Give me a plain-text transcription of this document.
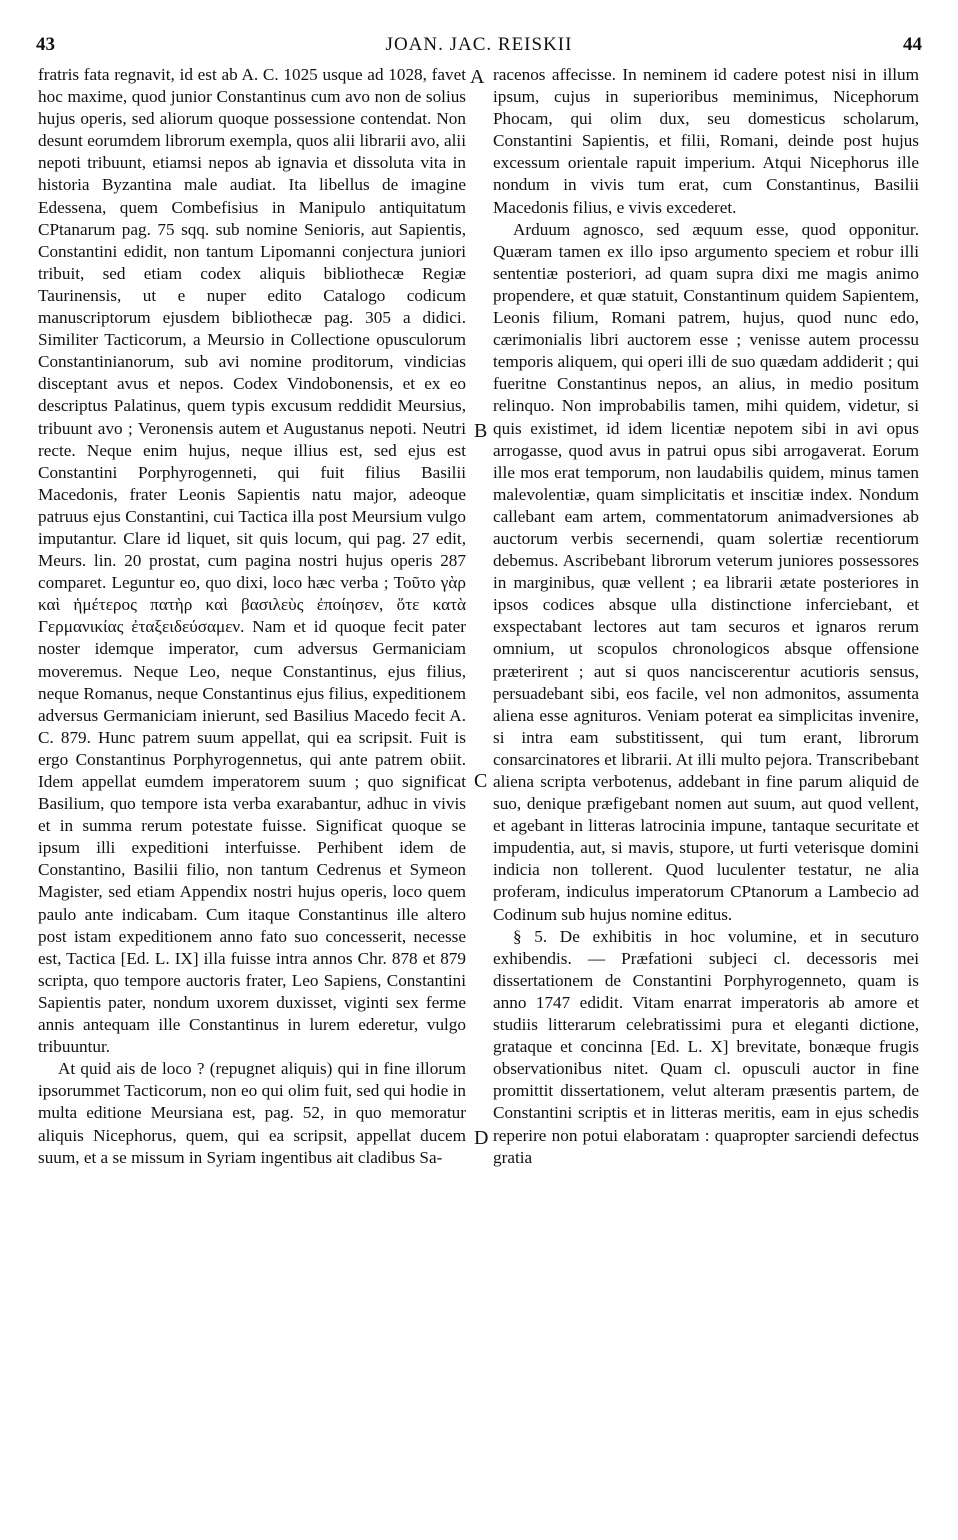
43	JOAN. JAC. REISKII	44

fratris fata regnavit, id est ab A. C. 1025 usque ad 1028, favet hoc maxime, quod junior Constantinus cum avo non de solius hujus operis, sed aliorum quoque possessione contendat. Non desunt eorumdem librorum exempla, quos alii librarii avo, alii nepoti tribuunt, etiamsi nepos ab ignavia et dissoluta vita in historia Byzantina male audiat. Ita libellus de imagine Edessena, quem Combefisius in Manipulo antiquitatum CPtanarum pag. 75 sqq. sub nomine Senioris, aut Sapientis, Constantini edidit, non tantum Lipomanni conjectura juniori tribuit, sed etiam codex aliquis bibliothecæ Regiæ Taurinensis, ut e nuper edito Catalogo codicum manuscriptorum ejusdem bibliothecæ pag. 305 a didici. Similiter Tacticorum, a Meursio in Collectione opusculorum Constantinianorum, sub avi nomine proditorum, vindicias disceptant avus et nepos. Codex Vindobonensis, et ex eo descriptus Palatinus, quem typis excusum reddidit Meursius, tribuunt avo ; Veronensis autem et Augustanus nepoti. Neutri recte. Neque enim hujus, neque illius est, sed ejus est Constantini Porphyrogenneti, qui fuit filius Basilii Macedonis, frater Leonis Sapientis natu major, adeoque patruus ejus Constantini, cui Tactica illa post Meursium vulgo imputantur. Clare id liquet, sit quis locum, qui pag. 27 edit, Meurs. lin. 20 prostat, cum pagina nostri hujus operis 287 comparet. Leguntur eo, quo dixi, loco hæc verba ; Τοῦτο γὰρ καὶ ἡμέτερος πατὴρ καὶ βασιλεὺς ἐποίησεν, ὅτε κατὰ Γερμανικίας ἐταξειδεύσαμεν. Nam et id quoque fecit pater noster idemque imperator, cum adversus Germaniciam moveremus. Neque Leo, neque Constantinus, ejus filius, neque Romanus, neque Constantinus ejus filius, expeditionem adversus Germaniciam inierunt, sed Basilius Macedo fecit A. C. 879. Hunc patrem suum appellat, qui ea scripsit. Fuit is ergo Constantinus Porphyrogennetus, qui ante patrem obiit. Idem appellat eumdem imperatorem suum ; quo significat Basilium, quo tempore ista verba exarabantur, adhuc in vivis et in summa rerum potestate fuisse. Significat quoque se ipsum illi expeditioni interfuisse. Perhibent idem de Constantino, Basilii filio, non tantum Cedrenus et Symeon Magister, sed etiam Appendix nostri hujus operis, loco quem paulo ante indicabam. Cum itaque Constantinus ille altero post istam expeditionem anno fato suo concesserit, necesse est, Tactica [Ed. L. IX] illa fuisse intra annos Chr. 878 et 879 scripta, quo tempore auctoris frater, Leo Sapiens, Constantini Sapientis pater, nondum uxorem duxisset, viginti sex ferme annis antequam ille Constantinus in lurem ederetur, vulgo tribuuntur.

At quid ais de loco ? (repugnet aliquis) qui in fine illorum ipsorummet Tacticorum, non eo qui olim fuit, sed qui hodie in multa editione Meursiana est, pag. 52, in quo memoratur aliquis Nicephorus, quem, qui ea scripsit, appellat ducem suum, et a se missum in Syriam ingentibus ait cladibus Sa-

racenos affecisse. In neminem id cadere potest nisi in illum ipsum, cujus in superioribus meminimus, Nicephorum Phocam, qui olim dux, seu domesticus scholarum, Constantini Sapientis, et filii, Romani, deinde post hujus excessum orientale rapuit imperium. Atqui Nicephorus ille nondum in vivis tum erat, cum Constantinus, Basilii Macedonis filius, e vivis excederet.

Arduum agnosco, sed æquum esse, quod opponitur. Quæram tamen ex illo ipso argumento speciem et robur illi sententiæ posteriori, ad quam supra dixi me magis animo propendere, et quæ statuit, Constantinum quidem Sapientem, Leonis filium, Romani patrem, hujus, quod nunc edo, cærimonialis libri auctorem esse ; venisse autem processu temporis aliquem, qui operi illi de suo quædam addiderit ; qui fueritne Constantinus nepos, an alius, in medio positum relinquo. Non improbabilis tamen, mihi quidem, videtur, si quis existimet, id idem licentiæ nepotem sibi in avi opus arrogasse, quod avus in patrui opus sibi arrogaverat. Eorum ille mos erat temporum, non laudabilis quidem, minus tamen malevolentiæ, quam simplicitatis et inscitiæ index. Nondum callebant eam artem, commentatorum animadversiones ab auctorum verbis secernendi, quam solertiæ recentiorum debemus. Ascribebant librorum veterum juniores possessores in marginibus, quæ vellent ; ea librarii ætate posteriores in ipsos codices absque ulla distinctione inferciebant, et exspectabant lectores aut tam securos et ignaros rerum omnium, ut scopulos chronologicos absque offensione præterirent ; aut si quos nanciscerentur acutioris sensus, persuadebant sibi, eos facile, vel non admonitos, assumenta aliena esse agnituros. Veniam poterat ea simplicitas invenire, si intra eam substitissent, qui tum erant, librorum consarcinatores et librarii. At illi multo pejora. Transcribebant aliena scripta verbotenus, addebant in fine parum aliquid de suo, denique præfigebant nomen aut suum, aut quod vellent, et agebant in litteras latrocinia impune, tantaque securitate et impudentia, aut, si mavis, stupore, ut furti veterisque domini indicia non tollerent. Quod luculenter testatur, ne alia proferam, indiculus imperatorum CPtanorum a Lambecio ad Codinum sub hujus nomine editus.

§ 5. De exhibitis in hoc volumine, et in secuturo exhibendis. — Præfationi subjeci cl. decessoris mei dissertationem de Constantini Porphyrogenneto, quam is anno 1747 edidit. Vitam enarrat imperatoris ab amore et studiis litterarum celebratissimi pura et eleganti dictione, grataque et concinna [Ed. L. X] brevitate, bonæque frugis observationibus nitet. Quam cl. opusculi auctor in fine promittit dissertationem, velut alteram præsentis partem, de Constantini scriptis et in litteras meritis, eam in ejus schedis reperire non potui elaboratam : quapropter sarciendi defectus gratia

A
B
C
D
